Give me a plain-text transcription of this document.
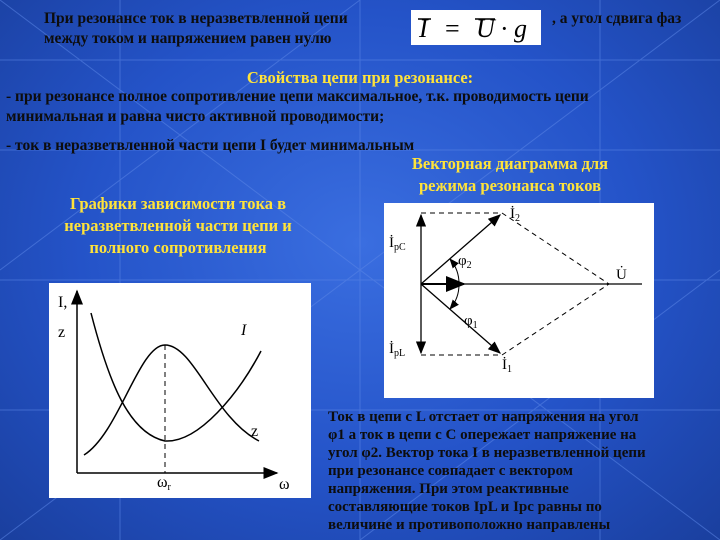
При резонансе ток в неразветвленной цепи	I = U · g , а угол сдвига фаз
между током и напряжением равен нулю
Свойства цепи при резонансе:
- при резонансе полное сопротивление цепи максимальное, т.к. проводимость цепи
минимальная и равна чисто активной проводимости;
- ток в неразветвленной части цепи I будет минимальным
Векторная диаграмма для
режима резонанса токов
Графики зависимости тока в
неразветвленной части цепи и
полного сопротивления
$İ_2$
$İ_{pC}$
$\varphi_2$
U̇
$\varphi_1$
$İ_{pL}$
$İ_1$
I,
z	I
z
ωr	ω
Ток в цепи с L отстает от напряжения на угол
φ1 а ток в цепи с С опережает напряжение на
угол φ2. Вектор тока I в неразветвленной цепи
при резонансе совпадает с вектором
напряжения. При этом реактивные
составляющие токов IpL и Ipc равны по
величине и противоположно направлены
